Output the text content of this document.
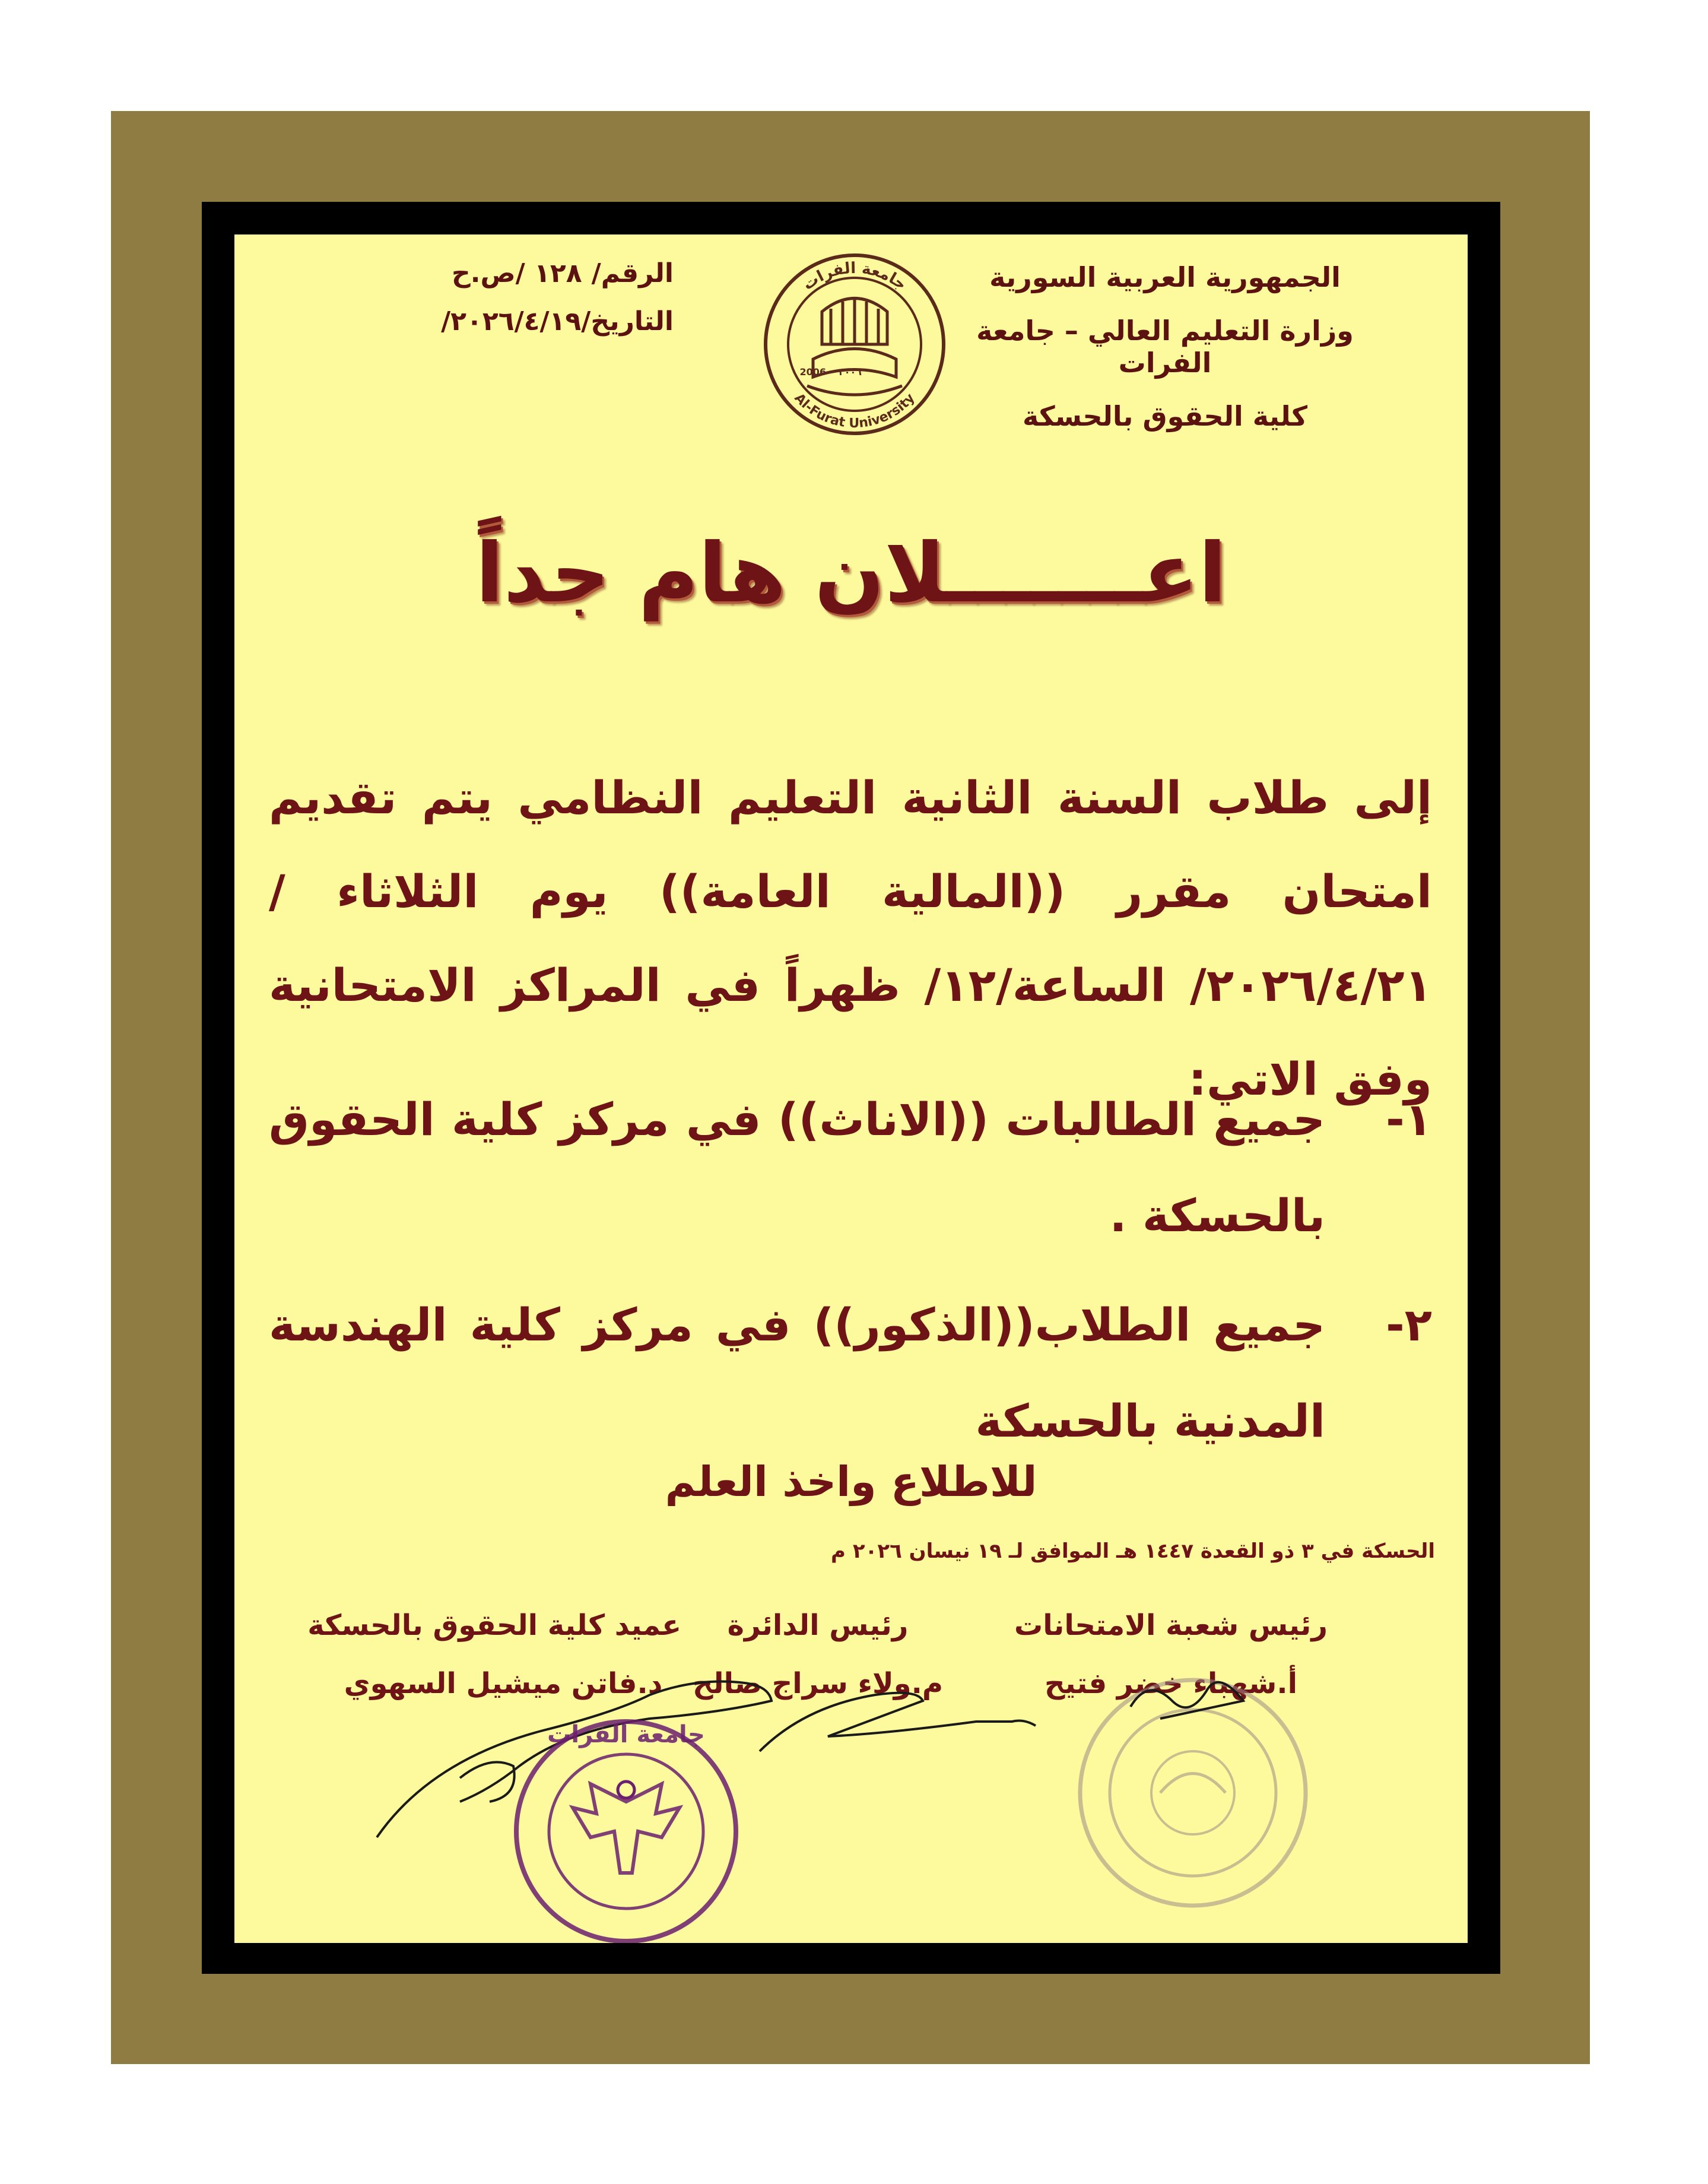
الجمهورية العربية السورية
وزارة التعليم العالي – جامعة الفرات
كلية الحقوق بالحسكة
الرقم/١٢٨ /ص.ح
التاريخ/٢٠٢٦/٤/١٩/
جامعة الفرات
Al-Furat University
2006 ٢٠٠٦
اعـــــــلان هام جداً
إلى طلاب السنة الثانية التعليم النظامي يتم تقديم امتحان مقرر ((المالية العامة)) يوم الثلاثاء /٢٠٢٦/٤/٢١/ الساعة/١٢/ ظهراً في المراكز الامتحانية وفق الاتي:
١-
جميع الطالبات ((الاناث)) في مركز كلية الحقوق بالحسكة .
٢-
جميع الطلاب((الذكور)) في مركز كلية الهندسة المدنية بالحسكة
للاطلاع واخذ العلم
الحسكة في ٣ ذو القعدة ١٤٤٧ هـ الموافق لـ ١٩ نيسان ٢٠٢٦ م
رئيس شعبة الامتحانات
أ.شهباء خضر فتيح
رئيس الدائرة
م.ولاء سراج صالح
عميد كلية الحقوق بالحسكة
د.فاتن ميشيل السهوي
جامعة الفرات
